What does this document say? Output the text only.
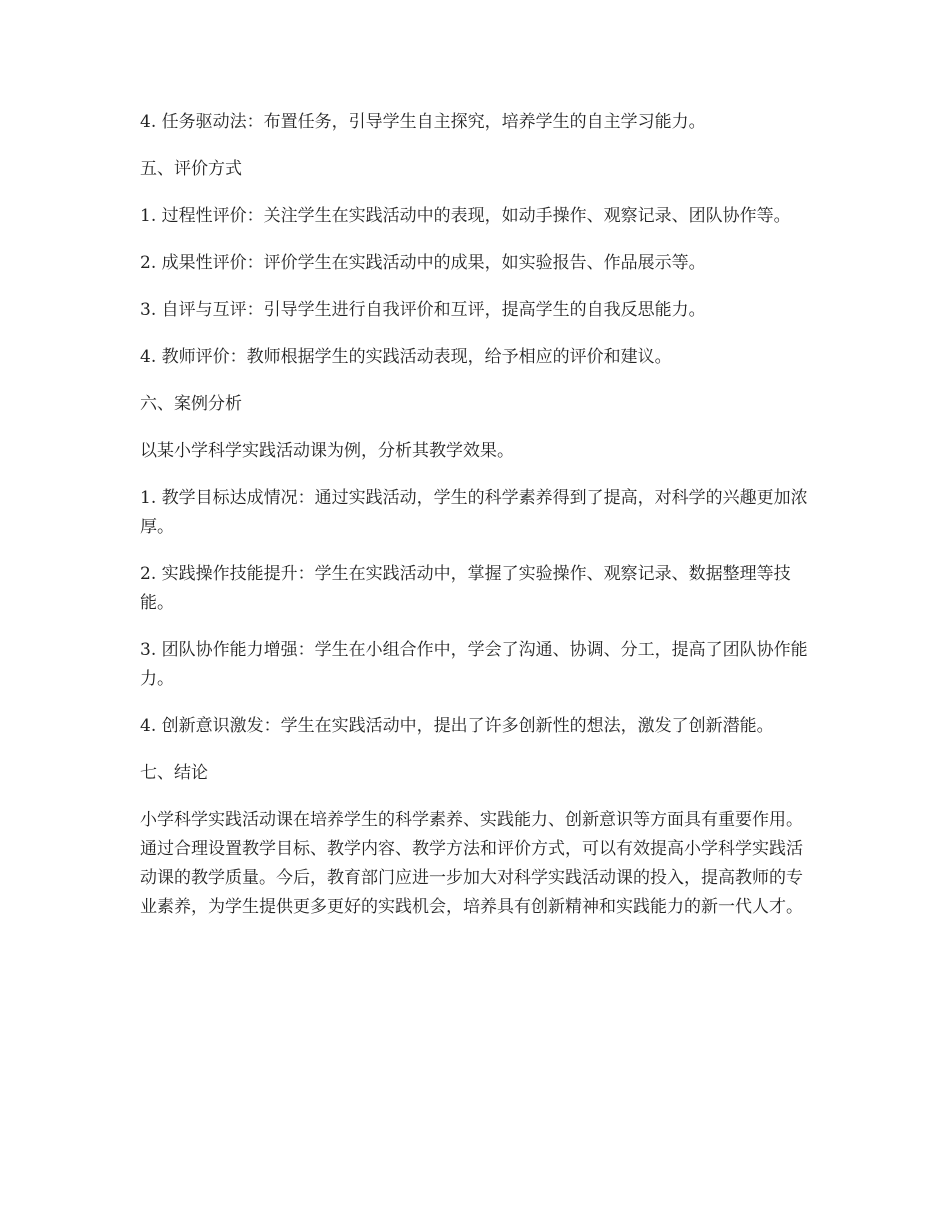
4. 任务驱动法：布置任务，引导学生自主探究，培养学生的自主学习能力。

五、评价方式

1. 过程性评价：关注学生在实践活动中的表现，如动手操作、观察记录、团队协作等。

2. 成果性评价：评价学生在实践活动中的成果，如实验报告、作品展示等。

3. 自评与互评：引导学生进行自我评价和互评，提高学生的自我反思能力。

4. 教师评价：教师根据学生的实践活动表现，给予相应的评价和建议。

六、案例分析

以某小学科学实践活动课为例，分析其教学效果。

1. 教学目标达成情况：通过实践活动，学生的科学素养得到了提高，对科学的兴趣更加浓厚。

2. 实践操作技能提升：学生在实践活动中，掌握了实验操作、观察记录、数据整理等技能。

3. 团队协作能力增强：学生在小组合作中，学会了沟通、协调、分工，提高了团队协作能力。

4. 创新意识激发：学生在实践活动中，提出了许多创新性的想法，激发了创新潜能。

七、结论

小学科学实践活动课在培养学生的科学素养、实践能力、创新意识等方面具有重要作用。通过合理设置教学目标、教学内容、教学方法和评价方式，可以有效提高小学科学实践活动课的教学质量。今后，教育部门应进一步加大对科学实践活动课的投入，提高教师的专业素养，为学生提供更多更好的实践机会，培养具有创新精神和实践能力的新一代人才。
